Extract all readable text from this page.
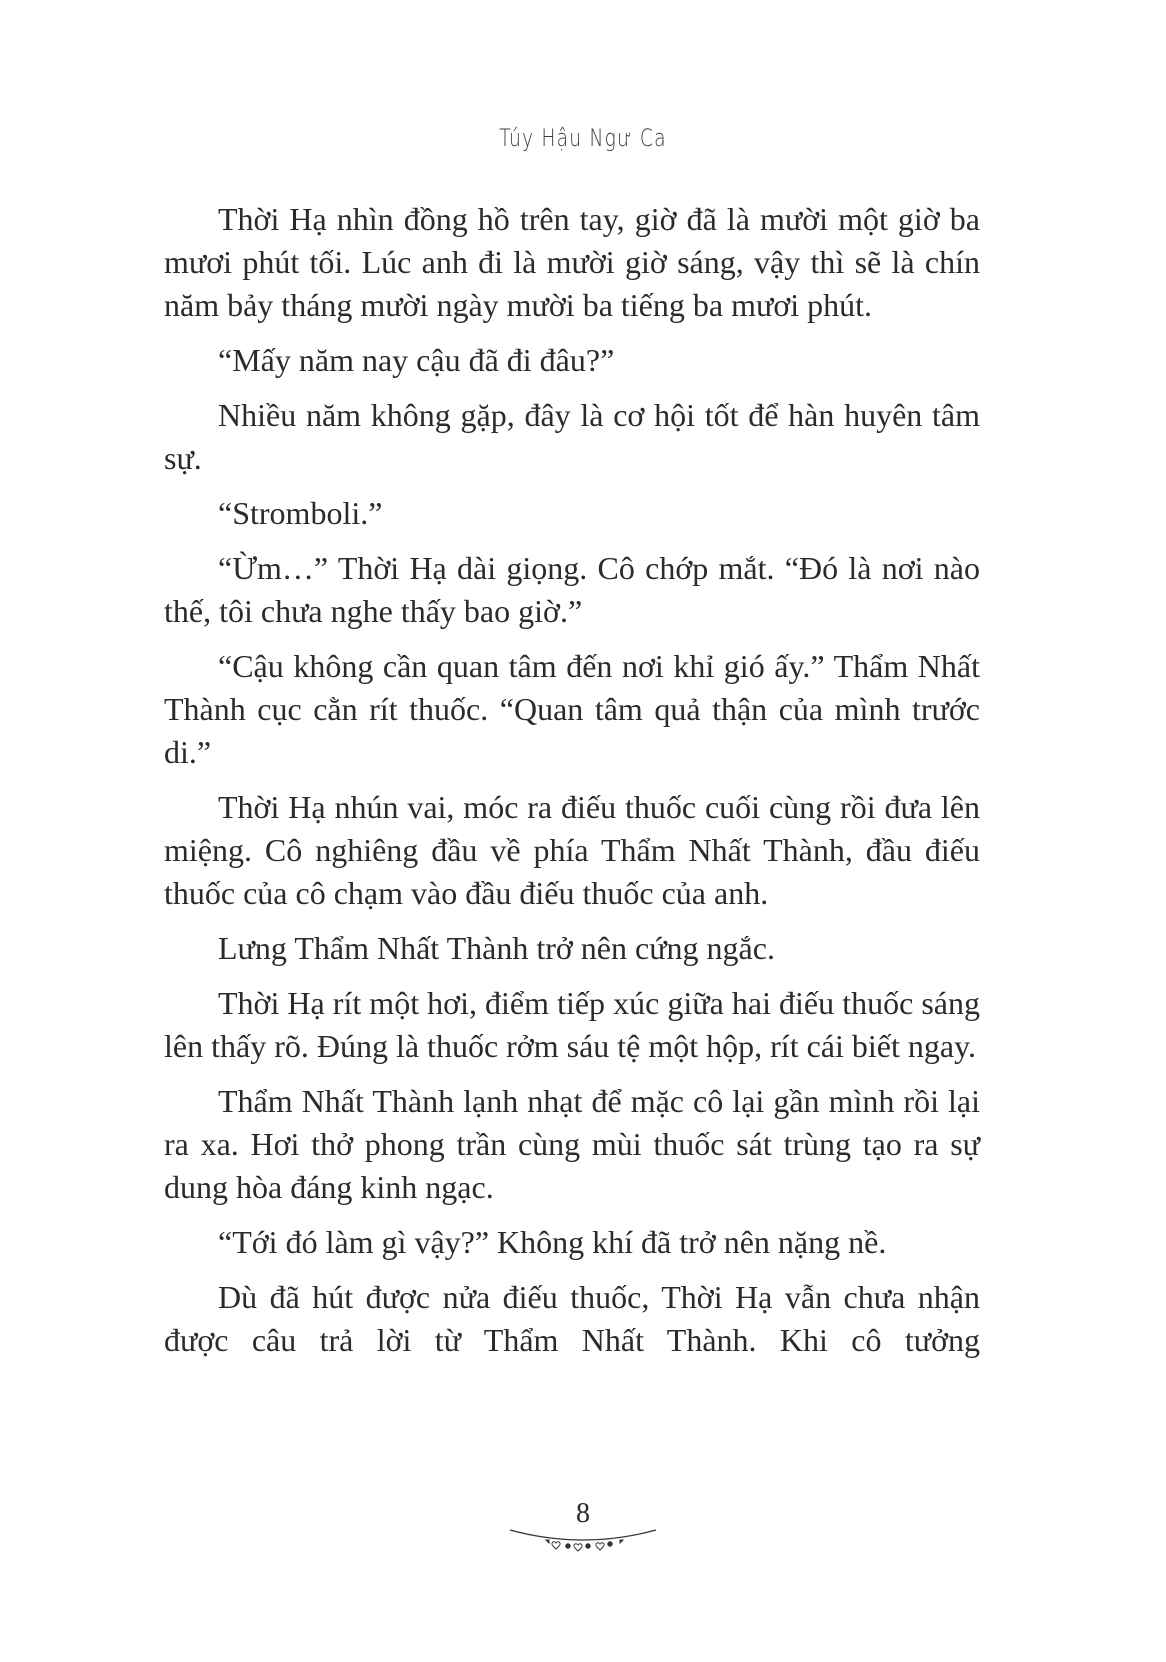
Túy Hậu Ngư Ca

Thời Hạ nhìn đồng hồ trên tay, giờ đã là mười một giờ ba mươi phút tối. Lúc anh đi là mười giờ sáng, vậy thì sẽ là chín năm bảy tháng mười ngày mười ba tiếng ba mươi phút.

“Mấy năm nay cậu đã đi đâu?”

Nhiều năm không gặp, đây là cơ hội tốt để hàn huyên tâm sự.

“Stromboli.”

“Ừm…” Thời Hạ dài giọng. Cô chớp mắt. “Đó là nơi nào thế, tôi chưa nghe thấy bao giờ.”

“Cậu không cần quan tâm đến nơi khỉ gió ấy.” Thẩm Nhất Thành cục cằn rít thuốc. “Quan tâm quả thận của mình trước di.”

Thời Hạ nhún vai, móc ra điếu thuốc cuối cùng rồi đưa lên miệng. Cô nghiêng đầu về phía Thẩm Nhất Thành, đầu điếu thuốc của cô chạm vào đầu điếu thuốc của anh.

Lưng Thẩm Nhất Thành trở nên cứng ngắc.

Thời Hạ rít một hơi, điểm tiếp xúc giữa hai điếu thuốc sáng lên thấy rõ. Đúng là thuốc rởm sáu tệ một hộp, rít cái biết ngay.

Thẩm Nhất Thành lạnh nhạt để mặc cô lại gần mình rồi lại ra xa. Hơi thở phong trần cùng mùi thuốc sát trùng tạo ra sự dung hòa đáng kinh ngạc.

“Tới đó làm gì vậy?” Không khí đã trở nên nặng nề.

Dù đã hút được nửa điếu thuốc, Thời Hạ vẫn chưa nhận được câu trả lời từ Thẩm Nhất Thành. Khi cô tưởng

8
